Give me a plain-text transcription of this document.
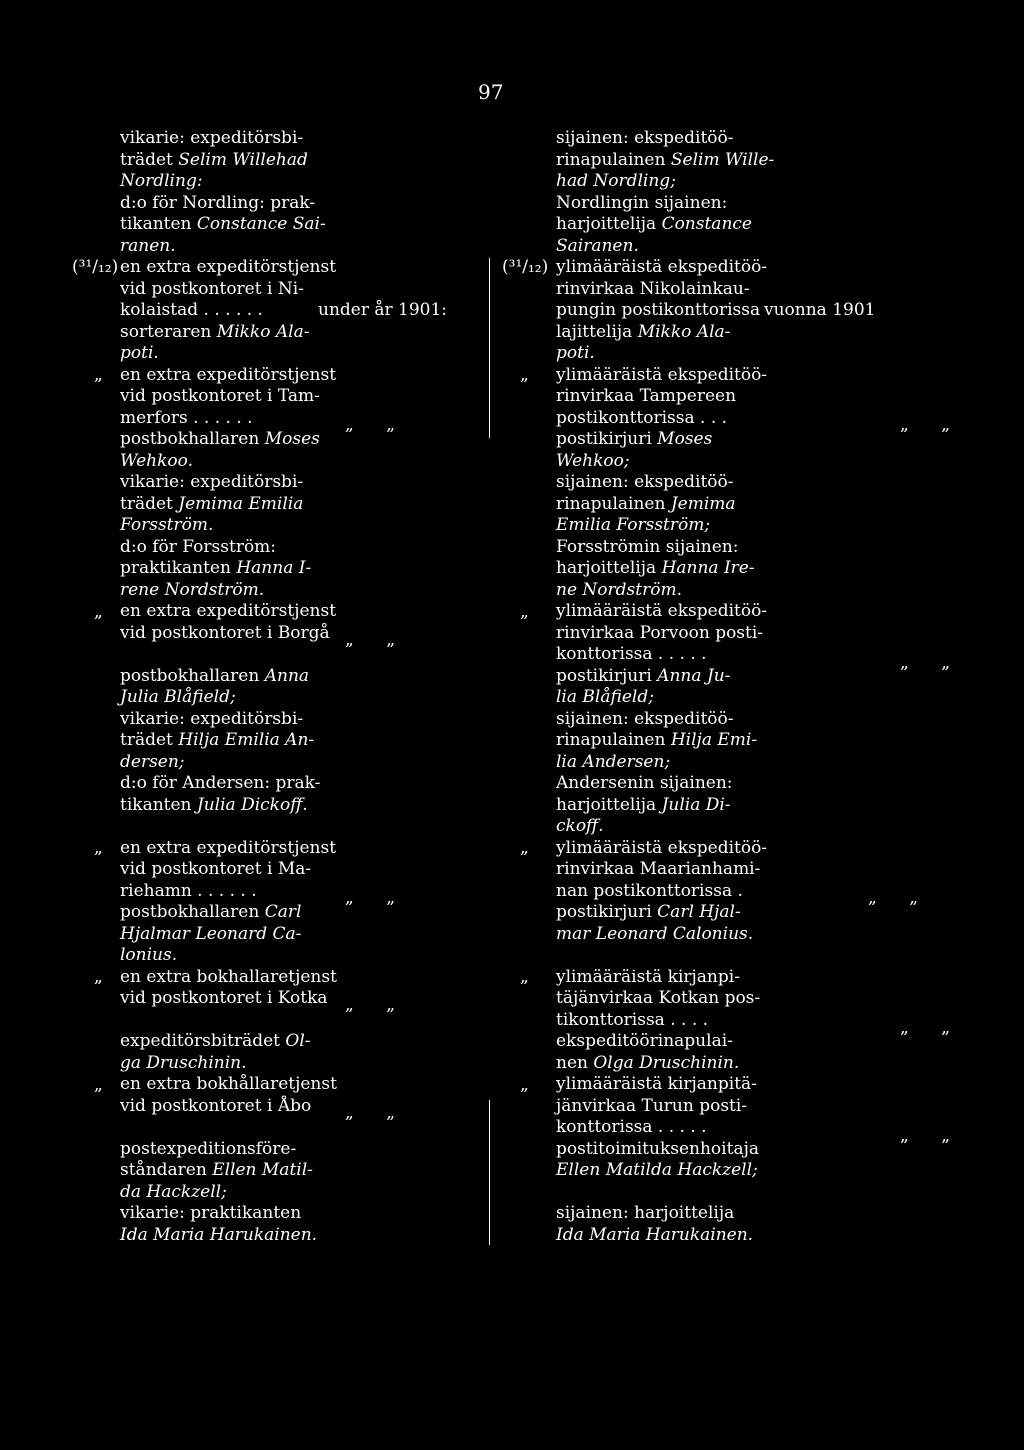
97
vikarie: expeditörsbi-
trädet Selim Willehad
Nordling:
d:o för Nordling: prak-
tikanten Constance Sai-
ranen.
en extra expeditörstjenst
vid postkontoret i Ni-
kolaistad . . . . . .
sorteraren Mikko Ala-
poti.
en extra expeditörstjenst
vid postkontoret i Tam-
merfors . . . . . .
postbokhallaren Moses
Wehkoo.
vikarie: expeditörsbi-
trädet Jemima Emilia
Forsström.
d:o för Forsström:
praktikanten Hanna I-
rene Nordström.
en extra expeditörstjenst
vid postkontoret i Borgå
postbokhallaren Anna
Julia Blåfield;
vikarie: expeditörsbi-
trädet Hilja Emilia An-
dersen;
d:o för Andersen: prak-
tikanten Julia Dickoff.
en extra expeditörstjenst
vid postkontoret i Ma-
riehamn . . . . . .
postbokhallaren Carl
Hjalmar Leonard Ca-
lonius.
en extra bokhallaretjenst
vid postkontoret i Kotka
expeditörsbiträdet Ol-
ga Druschinin.
en extra bokhållaretjenst
vid postkontoret i Åbo
postexpeditionsföre-
ståndaren Ellen Matil-
da Hackzell;
vikarie: praktikanten
Ida Maria Harukainen.
sijainen: ekspeditöö-
rinapulainen Selim Wille-
had Nordling;
Nordlingin sijainen:
harjoittelija Constance
Sairanen.
ylimääräistä ekspeditöö-
rinvirkaa Nikolainkau-
pungin postikonttorissa
lajittelija Mikko Ala-
poti.
ylimääräistä ekspeditöö-
rinvirkaa Tampereen
postikonttorissa . . .
postikirjuri Moses
Wehkoo;
sijainen: ekspeditöö-
rinapulainen Jemima
Emilia Forsström;
Forsströmin sijainen:
harjoittelija Hanna Ire-
ne Nordström.
ylimääräistä ekspeditöö-
rinvirkaa Porvoon posti-
konttorissa . . . . .
postikirjuri Anna Ju-
lia Blåfield;
sijainen: ekspeditöö-
rinapulainen Hilja Emi-
lia Andersen;
Andersenin sijainen:
harjoittelija Julia Di-
ckoff.
ylimääräistä ekspeditöö-
rinvirkaa Maarianhami-
nan postikonttorissa .
postikirjuri Carl Hjal-
mar Leonard Calonius.
ylimääräistä kirjanpi-
täjänvirkaa Kotkan pos-
tikonttorissa . . . .
ekspeditöörinapulai-
nen Olga Druschinin.
ylimääräistä kirjanpitä-
jänvirkaa Turun posti-
konttorissa . . . . .
postitoimituksenhoitaja
Ellen Matilda Hackzell;
sijainen: harjoittelija
Ida Maria Harukainen.
(³¹/₁₂)	(³¹/₁₂)
under år 1901:	vuonna 1901
„
„
„
„
„
„
„
„
„
„
„ „
„ „
„ „
„ „
„ „
„ „
„ „
„ „
„ „
„ „
